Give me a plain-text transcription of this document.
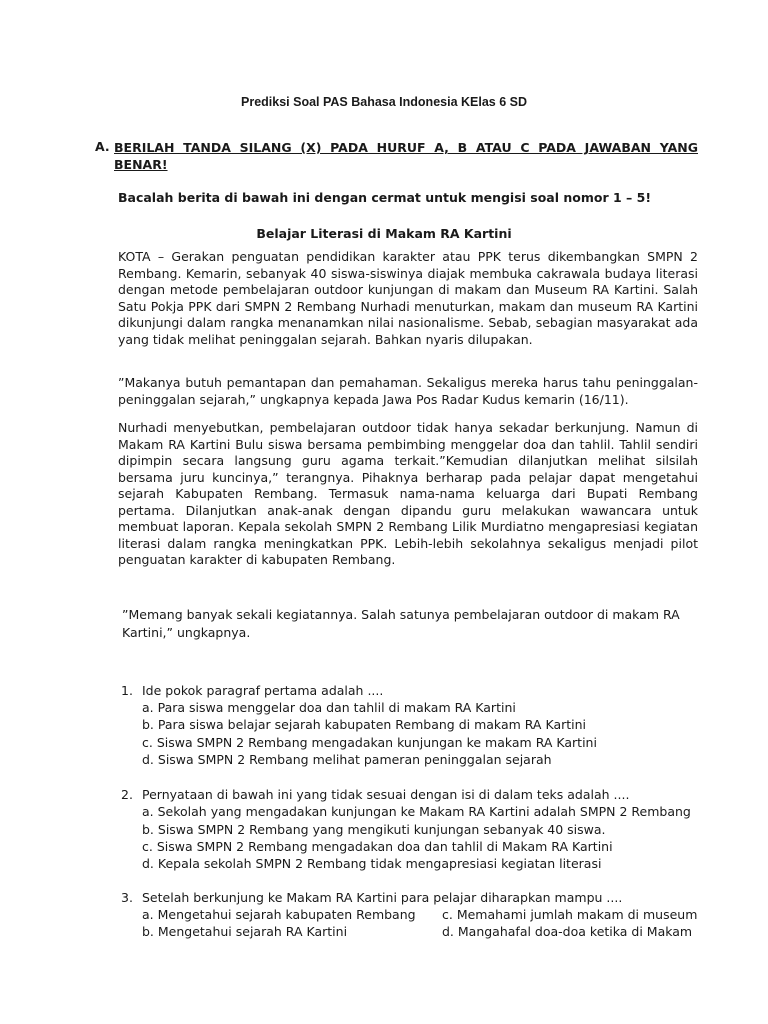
Prediksi Soal PAS Bahasa Indonesia KElas 6 SD
A. BERILAH TANDA SILANG (X) PADA HURUF A, B ATAU C PADA JAWABAN YANG BENAR!
Bacalah berita di bawah ini dengan cermat untuk mengisi soal nomor 1 – 5!
Belajar Literasi di Makam RA Kartini
KOTA – Gerakan penguatan pendidikan karakter atau PPK terus dikembangkan SMPN 2 Rembang. Kemarin, sebanyak 40 siswa-siswinya diajak membuka cakrawala budaya literasi dengan metode pembelajaran outdoor kunjungan di makam dan Museum RA Kartini. Salah Satu Pokja PPK dari SMPN 2 Rembang Nurhadi menuturkan, makam dan museum RA Kartini dikunjungi dalam rangka menanamkan nilai nasionalisme. Sebab, sebagian masyarakat ada yang tidak melihat peninggalan sejarah. Bahkan nyaris dilupakan.
”Makanya butuh pemantapan dan pemahaman. Sekaligus mereka harus tahu peninggalan-peninggalan sejarah,” ungkapnya kepada Jawa Pos Radar Kudus kemarin (16/11).
Nurhadi menyebutkan, pembelajaran outdoor tidak hanya sekadar berkunjung. Namun di Makam RA Kartini Bulu siswa bersama pembimbing menggelar doa dan tahlil. Tahlil sendiri dipimpin secara langsung guru agama terkait.”Kemudian dilanjutkan melihat silsilah bersama juru kuncinya,” terangnya. Pihaknya berharap pada pelajar dapat mengetahui sejarah Kabupaten Rembang. Termasuk nama-nama keluarga dari Bupati Rembang pertama. Dilanjutkan anak-anak dengan dipandu guru melakukan wawancara untuk membuat laporan. Kepala sekolah SMPN 2 Rembang Lilik Murdiatno mengapresiasi kegiatan literasi dalam rangka meningkatkan PPK. Lebih-lebih sekolahnya sekaligus menjadi pilot penguatan karakter di kabupaten Rembang.
”Memang banyak sekali kegiatannya. Salah satunya pembelajaran outdoor di makam RA Kartini,” ungkapnya.
1. Ide pokok paragraf pertama adalah ....
a. Para siswa menggelar doa dan tahlil di makam RA Kartini
b. Para siswa belajar sejarah kabupaten Rembang di makam RA Kartini
c. Siswa SMPN 2 Rembang mengadakan kunjungan ke makam RA Kartini
d. Siswa SMPN 2 Rembang melihat pameran peninggalan sejarah
2. Pernyataan di bawah ini yang tidak sesuai dengan isi di dalam teks adalah ....
a. Sekolah yang mengadakan kunjungan ke Makam RA Kartini adalah SMPN 2 Rembang
b. Siswa SMPN 2 Rembang yang mengikuti kunjungan sebanyak 40 siswa.
c. Siswa SMPN 2 Rembang mengadakan doa dan tahlil di Makam RA Kartini
d. Kepala sekolah SMPN 2 Rembang tidak mengapresiasi kegiatan literasi
3. Setelah berkunjung ke Makam RA Kartini para pelajar diharapkan mampu ....
a. Mengetahui sejarah kabupaten Rembang c. Memahami jumlah makam di museum
b. Mengetahui sejarah RA Kartini	d. Mangahafal doa-doa ketika di Makam
